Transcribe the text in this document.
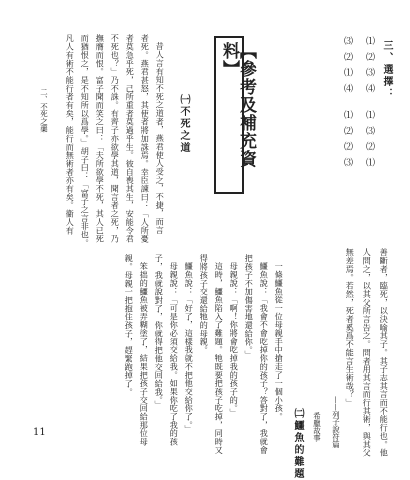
三、選擇：
⑴ ⑵ ⑶ ⑷
⑴ ⑶ ⑵ ⑴
⑶ ⑵ ⑴ ⑷
⑴ ⑵ ⑵ ⑶
【參考及補充資料】
善斷者，臨死，以決喻其子。其子志其言而不能行也。他
人問之，以其父所言告之。問者用其言而行其術，與其父
無差焉。若然，死者奚爲不能言生術哉？」
——列子說符篇
希臘故事
㈡鱷魚的難題
一條鱷魚從一位母親手中搶走了一個小孩。
鱷魚說：「我會不會吃掉你的孩子？答對了，我就會
把孩子不加傷害地還給你。」
母親說：「啊！你將會吃掉我的孩子的。」
這時，鱷魚陷入了難題。牠既要把孩子吃掉，同時又
得將孩子交還給牠的母親。
鱷魚說：「好了，這樣我就不把他交給你了。」
母親說：「可是你必須交給我。如果你吃了我的孩
子，我就說對了，你就得把他交回給我。」
笨拙的鱷魚被弄糊塗了，結果把孩子交回給那位母
親。母親一把抱住孩子，趕緊跑掉了。
㈠不死之道
昔人言有知不死之道者，燕君使人受之，不捷，而言
者死。燕君甚怒，其使者將加誅焉。幸臣諫曰：「人所憂
者莫急乎死，己所重者莫過乎生。彼自喪其生，安能令君
不死也？」乃不誅。有齊子亦欲學其道，聞言者之死，乃
撫膺而恨。富子聞而笑之曰：「夫所欲學不死，其人已死
而猶恨之，是不知所以爲學。」胡子曰：「富子之言非也。
凡人有術不能行者有矣，能行而無術者亦有矣。衞人有
二、不死之藥
11
